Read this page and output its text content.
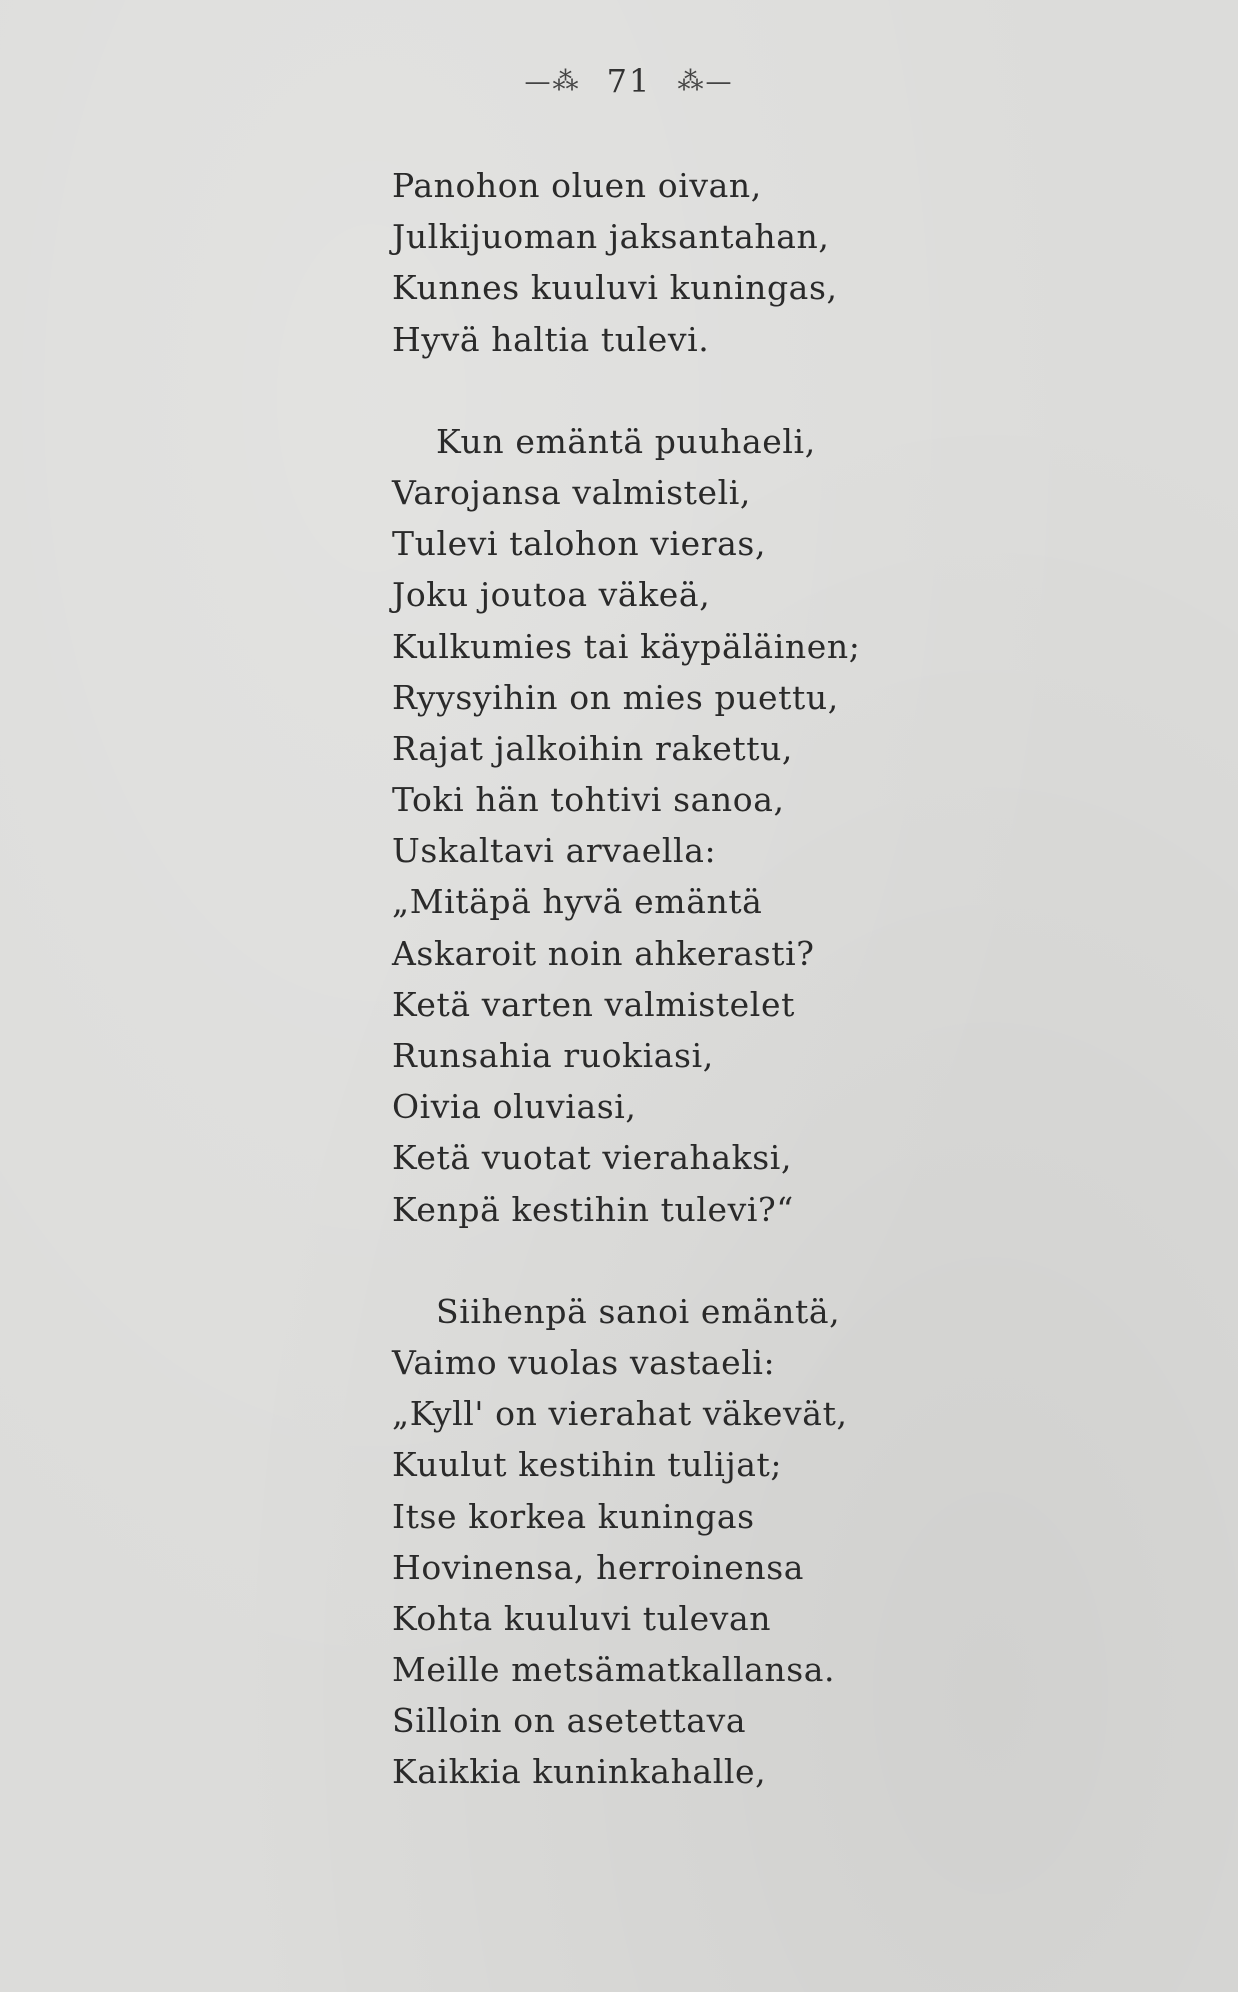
—⁂ 71 ⁂—
Panohon oluen oivan,
Julkijuoman jaksantahan,
Kunnes kuuluvi kuningas,
Hyvä haltia tulevi.
Kun emäntä puuhaeli,
Varojansa valmisteli,
Tulevi talohon vieras,
Joku joutoa väkeä,
Kulkumies tai käypäläinen;
Ryysyihin on mies puettu,
Rajat jalkoihin rakettu,
Toki hän tohtivi sanoa,
Uskaltavi arvaella:
„Mitäpä hyvä emäntä
Askaroit noin ahkerasti?
Ketä varten valmistelet
Runsahia ruokiasi,
Oivia oluviasi,
Ketä vuotat vierahaksi,
Kenpä kestihin tulevi?“
Siihenpä sanoi emäntä,
Vaimo vuolas vastaeli:
„Kyll' on vierahat väkevät,
Kuulut kestihin tulijat;
Itse korkea kuningas
Hovinensa, herroinensa
Kohta kuuluvi tulevan
Meille metsämatkallansa.
Silloin on asetettava
Kaikkia kuninkahalle,
